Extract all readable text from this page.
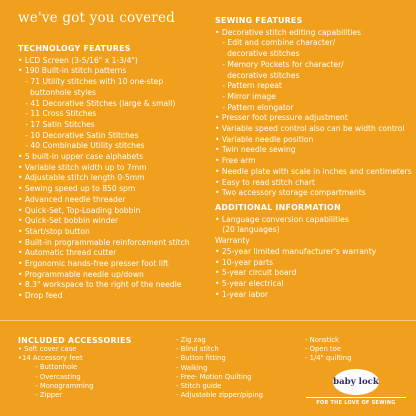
we've got you covered
TECHNOLOGY FEATURES
• LCD Screen (3-5/16" x 1-3/4")
• 190 Built-in stitch patterns
- 71 Utility stitches with 10 one-step
buttonhole styles
- 41 Decorative Stitches (large & small)
- 11 Cross Stitches
- 17 Satin Stitches
- 10 Decorative Satin Stitches
- 40 Combinable Utility stitches
• 5 built-in upper case alphabets
• Variable stitch width up to 7mm
• Adjustable stitch length 0-5mm
• Sewing speed up to 850 spm
• Advanced needle threader
• Quick-Set, Top-Loading bobbin
• Quick-Set bobbin winder
• Start/stop button
• Built-in programmable reinforcement stitch
• Automatic thread cutter
• Ergonomic hands-free presser foot lift
• Programmable needle up/down
• 8.3" workspace to the right of the needle
• Drop feed
SEWING FEATURES
• Decorative stitch editing capabilities
- Edit and combine character/
decorative stitches
- Memory Pockets for character/
decorative stitches
- Pattern repeat
- Mirror image
- Pattern elongator
• Presser foot pressure adjustment
• Variable speed control also can be width control
• Variable needle position
• Twin needle sewing
• Free arm
• Needle plate with scale in inches and centimeters
• Easy to read stitch chart
• Two accessory storage compartments
ADDITIONAL INFORMATION
• Language conversion capabilities
(20 languages)
Warranty
• 25-year limited manufacturer's warranty
• 10-year parts
• 5-year circuit board
• 5-year electrical
• 1-year labor
INCLUDED ACCESSORIES
• Soft cover case
•14 Accessory feet
- Buttonhole
- Overcasting
- Monogramming
- Zipper
- Zig zag
- Blind stitch
- Button fitting
- Walking
- Free- Motion Quilting
- Stitch guide
- Adjustable zipper/piping
- Nonstick
- Open toe
- 1/4" quilting
baby lock
FOR THE LOVE OF SEWING
